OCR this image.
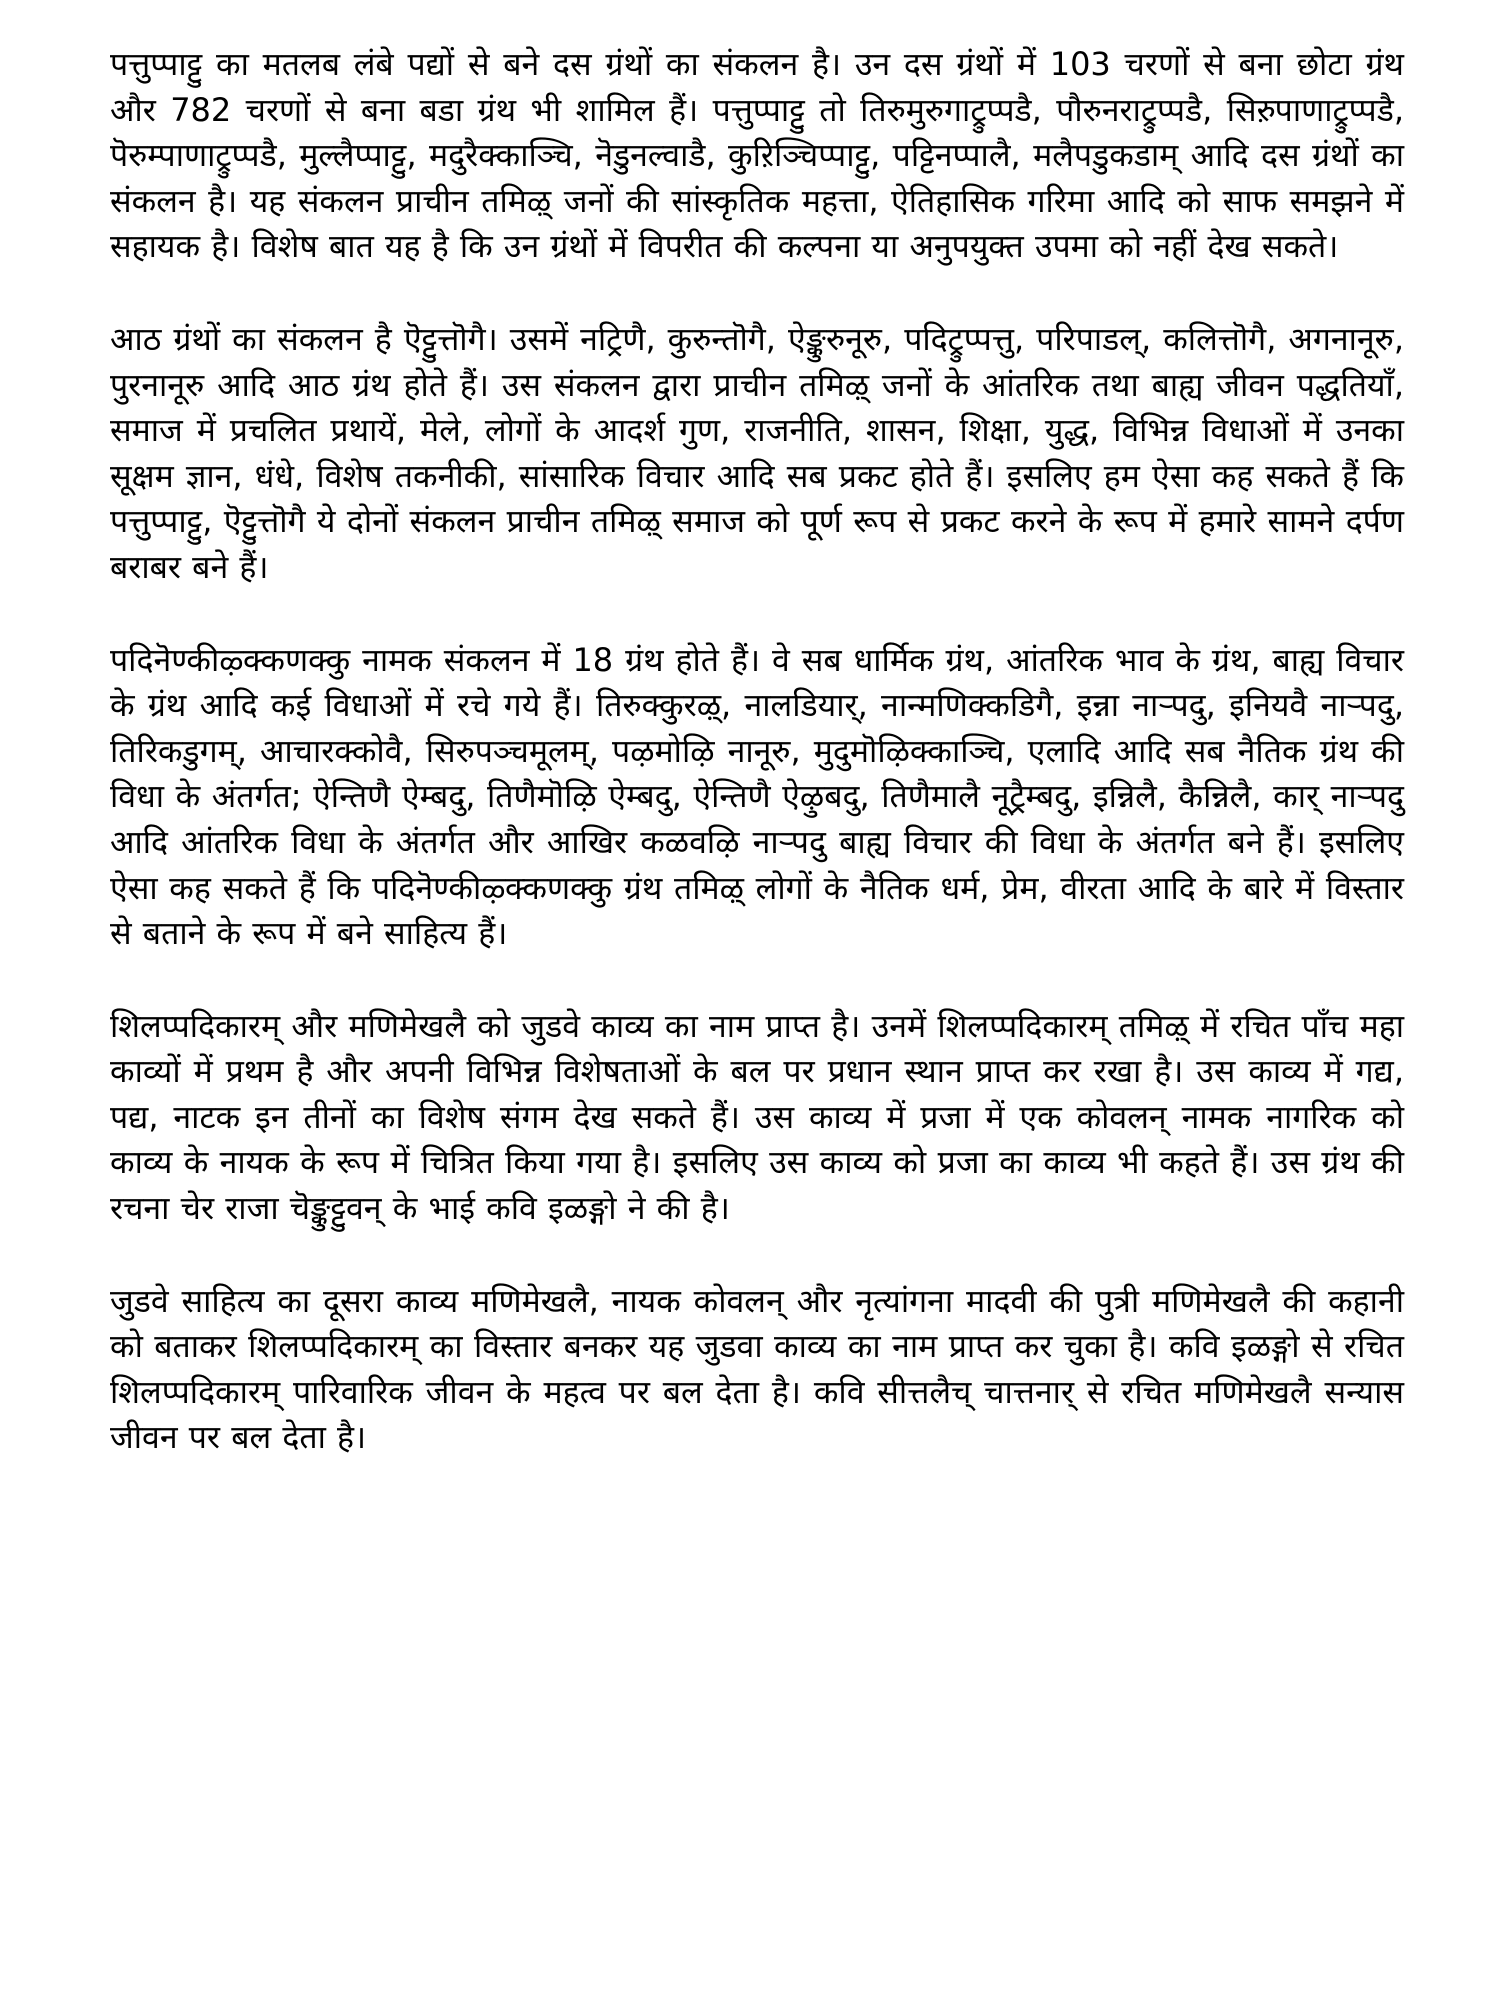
पत्तुप्पाट्टु का मतलब लंबे पद्यों से बने दस ग्रंथों का संकलन है। उन दस ग्रंथों में 103 चरणों से बना छोटा ग्रंथ और 782 चरणों से बना बडा ग्रंथ भी शामिल हैं। पत्तुप्पाट्टु तो तिरुमुरुगाट्रुप्पडै, पौरुनराट्रुप्पडै, सिऱुपाणाट्रुप्पडै, पॆरुम्पाणाट्रुप्पडै, मुल्लैप्पाट्टु, मदुरैक्काञ्चि, नॆडुनल्वाडै, कुऱिञ्चिप्पाट्टु, पट्टिनप्पालै, मलैपडुकडाम् आदि दस ग्रंथों का संकलन है। यह संकलन प्राचीन तमिऴ् जनों की सांस्कृतिक महत्ता, ऐतिहासिक गरिमा आदि को साफ समझने में सहायक है। विशेष बात यह है कि उन ग्रंथों में विपरीत की कल्पना या अनुपयुक्त उपमा को नहीं देख सकते।

आठ ग्रंथों का संकलन है ऎट्टुत्तॊगै। उसमें नट्रिणै, कुरुन्तॊगै, ऐङ्कुरुनूरु, पदिट्रुप्पत्तु, परिपाडल्, कलित्तॊगै, अगनानूरु, पुरनानूरु आदि आठ ग्रंथ होते हैं। उस संकलन द्वारा प्राचीन तमिऴ् जनों के आंतरिक तथा बाह्य जीवन पद्धतियाँ, समाज में प्रचलित प्रथायें, मेले, लोगों के आदर्श गुण, राजनीति, शासन, शिक्षा, युद्ध, विभिन्न विधाओं में उनका सूक्षम ज्ञान, धंधे, विशेष तकनीकी, सांसारिक विचार आदि सब प्रकट होते हैं। इसलिए हम ऐसा कह सकते हैं कि पत्तुप्पाट्टु, ऎट्टुत्तॊगै ये दोनों संकलन प्राचीन तमिऴ् समाज को पूर्ण रूप से प्रकट करने के रूप में हमारे सामने दर्पण बराबर बने हैं।

पदिनॆण्कीऴ्क्कणक्कु नामक संकलन में 18 ग्रंथ होते हैं। वे सब धार्मिक ग्रंथ, आंतरिक भाव के ग्रंथ, बाह्य विचार के ग्रंथ आदि कई विधाओं में रचे गये हैं। तिरुक्कुरऴ्, नालडियार्, नान्मणिक्कडिगै, इन्ना नाऱ्पदु, इनियवै नाऱ्पदु, तिरिकडुगम्, आचारक्कोवै, सिरुपञ्चमूलम्, पऴमोऴि नानूरु, मुदुमॊऴिक्काञ्चि, एलादि आदि सब नैतिक ग्रंथ की विधा के अंतर्गत; ऐन्तिणै ऐम्बदु, तिणैमॊऴि ऐम्बदु, ऐन्तिणै ऐऴुबदु, तिणैमालै नूट्रैम्बदु, इन्निलै, कैन्निलै, कार् नाऱ्पदु आदि आंतरिक विधा के अंतर्गत और आखिर कळवऴि नाऱ्पदु बाह्य विचार की विधा के अंतर्गत बने हैं। इसलिए ऐसा कह सकते हैं कि पदिनॆण्कीऴ्क्कणक्कु ग्रंथ तमिऴ् लोगों के नैतिक धर्म, प्रेम, वीरता आदि के बारे में विस्तार से बताने के रूप में बने साहित्य हैं।

शिलप्पदिकारम् और मणिमेखलै को जुडवे काव्य का नाम प्राप्त है। उनमें शिलप्पदिकारम् तमिऴ् में रचित पाँच महा काव्यों में प्रथम है और अपनी विभिन्न विशेषताओं के बल पर प्रधान स्थान प्राप्त कर रखा है। उस काव्य में गद्य, पद्य, नाटक इन तीनों का विशेष संगम देख सकते हैं। उस काव्य में प्रजा में एक कोवलन् नामक नागरिक को काव्य के नायक के रूप में चित्रित किया गया है। इसलिए उस काव्य को प्रजा का काव्य भी कहते हैं। उस ग्रंथ की रचना चेर राजा चॆङ्कुट्टुवन् के भाई कवि इळङ्गो ने की है।

जुडवे साहित्य का दूसरा काव्य मणिमेखलै, नायक कोवलन् और नृत्यांगना मादवी की पुत्री मणिमेखलै की कहानी को बताकर शिलप्पदिकारम् का विस्तार बनकर यह जुडवा काव्य का नाम प्राप्त कर चुका है। कवि इळङ्गो से रचित शिलप्पदिकारम् पारिवारिक जीवन के महत्व पर बल देता है। कवि सीत्तलैच् चात्तनार् से रचित मणिमेखलै सन्यास जीवन पर बल देता है।
